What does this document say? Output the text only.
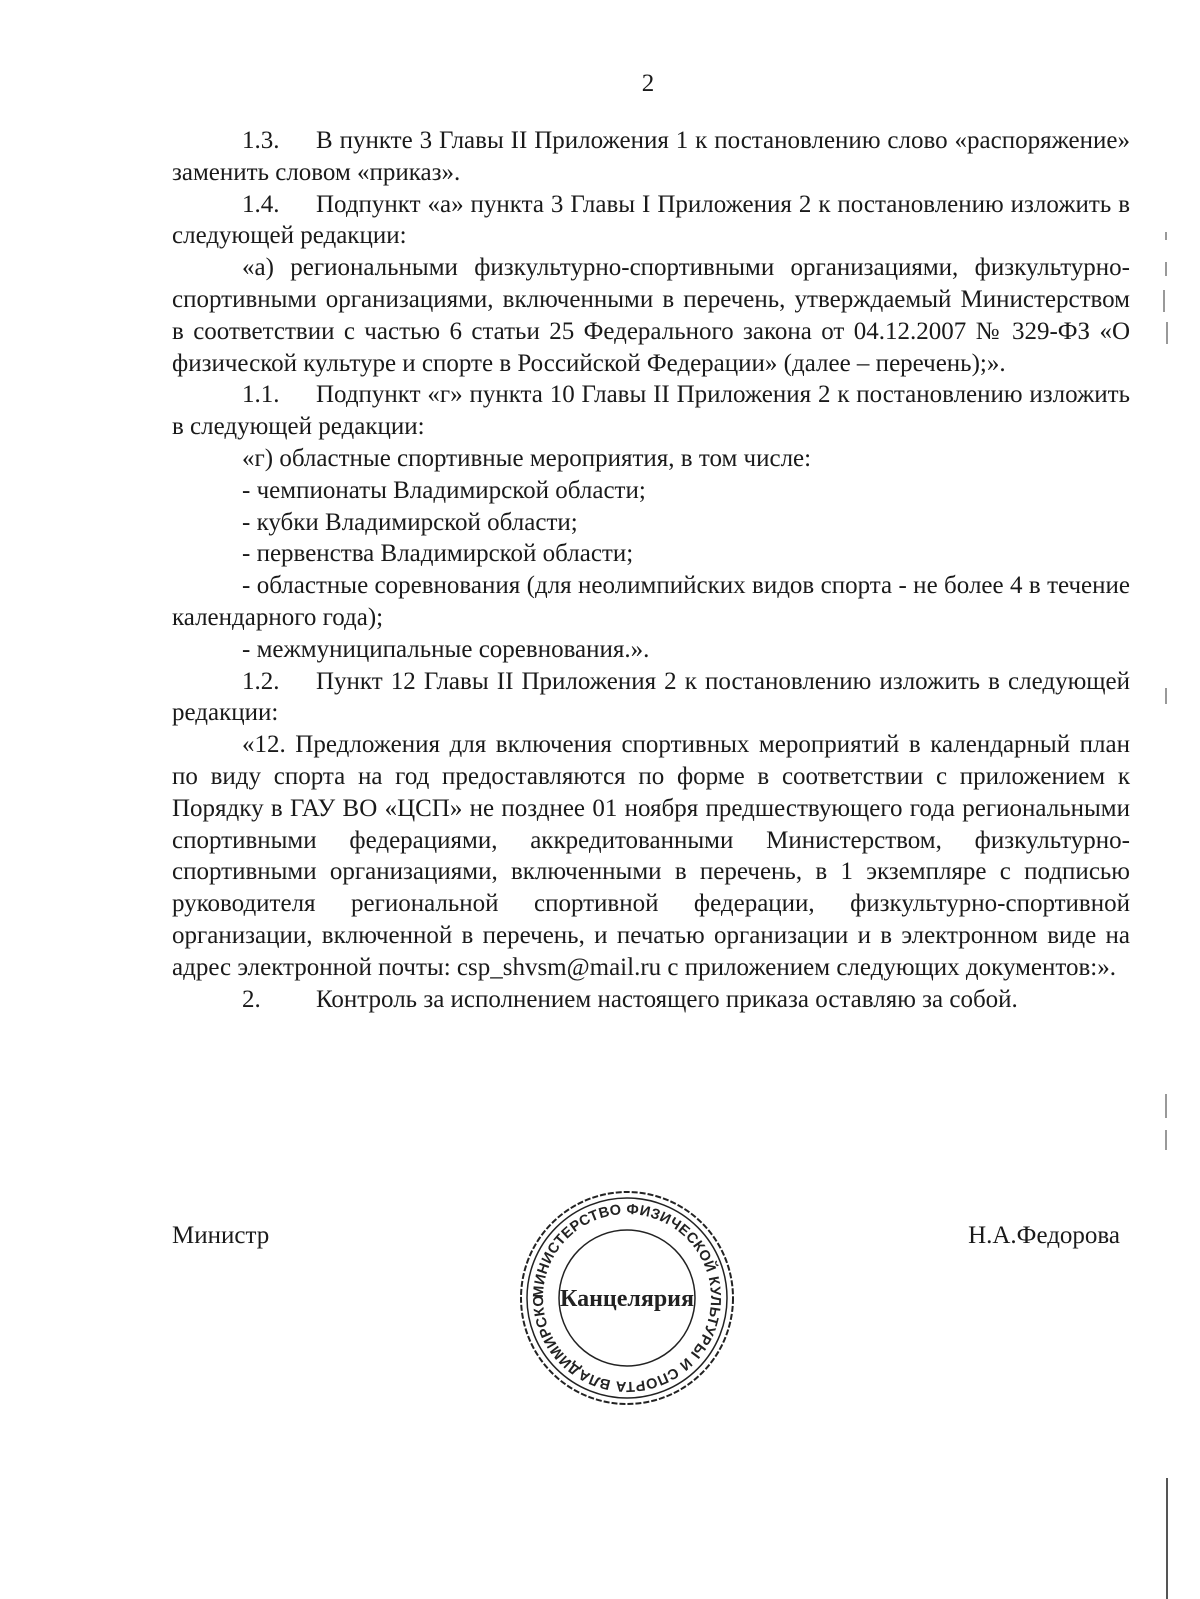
2

1.3. В пункте 3 Главы II Приложения 1 к постановлению слово «распоряжение» заменить словом «приказ».

1.4. Подпункт «а» пункта 3 Главы I Приложения 2 к постановлению изложить в следующей редакции:

«а) региональными физкультурно-спортивными организациями, физкультурно-спортивными организациями, включенными в перечень, утверждаемый Министерством в соответствии с частью 6 статьи 25 Федерального закона от 04.12.2007 № 329-ФЗ «О физической культуре и спорте в Российской Федерации» (далее – перечень);».

1.1. Подпункт «г» пункта 10 Главы II Приложения 2 к постановлению изложить в следующей редакции:

«г) областные спортивные мероприятия, в том числе:

- чемпионаты Владимирской области;

- кубки Владимирской области;

- первенства Владимирской области;

- областные соревнования (для неолимпийских видов спорта - не более 4 в течение календарного года);

- межмуниципальные соревнования.».

1.2. Пункт 12 Главы II Приложения 2 к постановлению изложить в следующей редакции:

«12. Предложения для включения спортивных мероприятий в календарный план по виду спорта на год предоставляются по форме в соответствии с приложением к Порядку в ГАУ ВО «ЦСП» не позднее 01 ноября предшествующего года региональными спортивными федерациями, аккредитованными Министерством, физкультурно-спортивными организациями, включенными в перечень, в 1 экземпляре с подписью руководителя региональной спортивной федерации, физкультурно-спортивной организации, включенной в перечень, и печатью организации и в электронном виде на адрес электронной почты: csp_shvsm@mail.ru с приложением следующих документов:».

2. Контроль за исполнением настоящего приказа оставляю за собой.

Министр	Н.А.Федорова
МИНИСТЕРСТВО ФИЗИЧЕСКОЙ КУЛЬТУРЫ И СПОРТА ВЛАДИМИРСКО Канцелярия
